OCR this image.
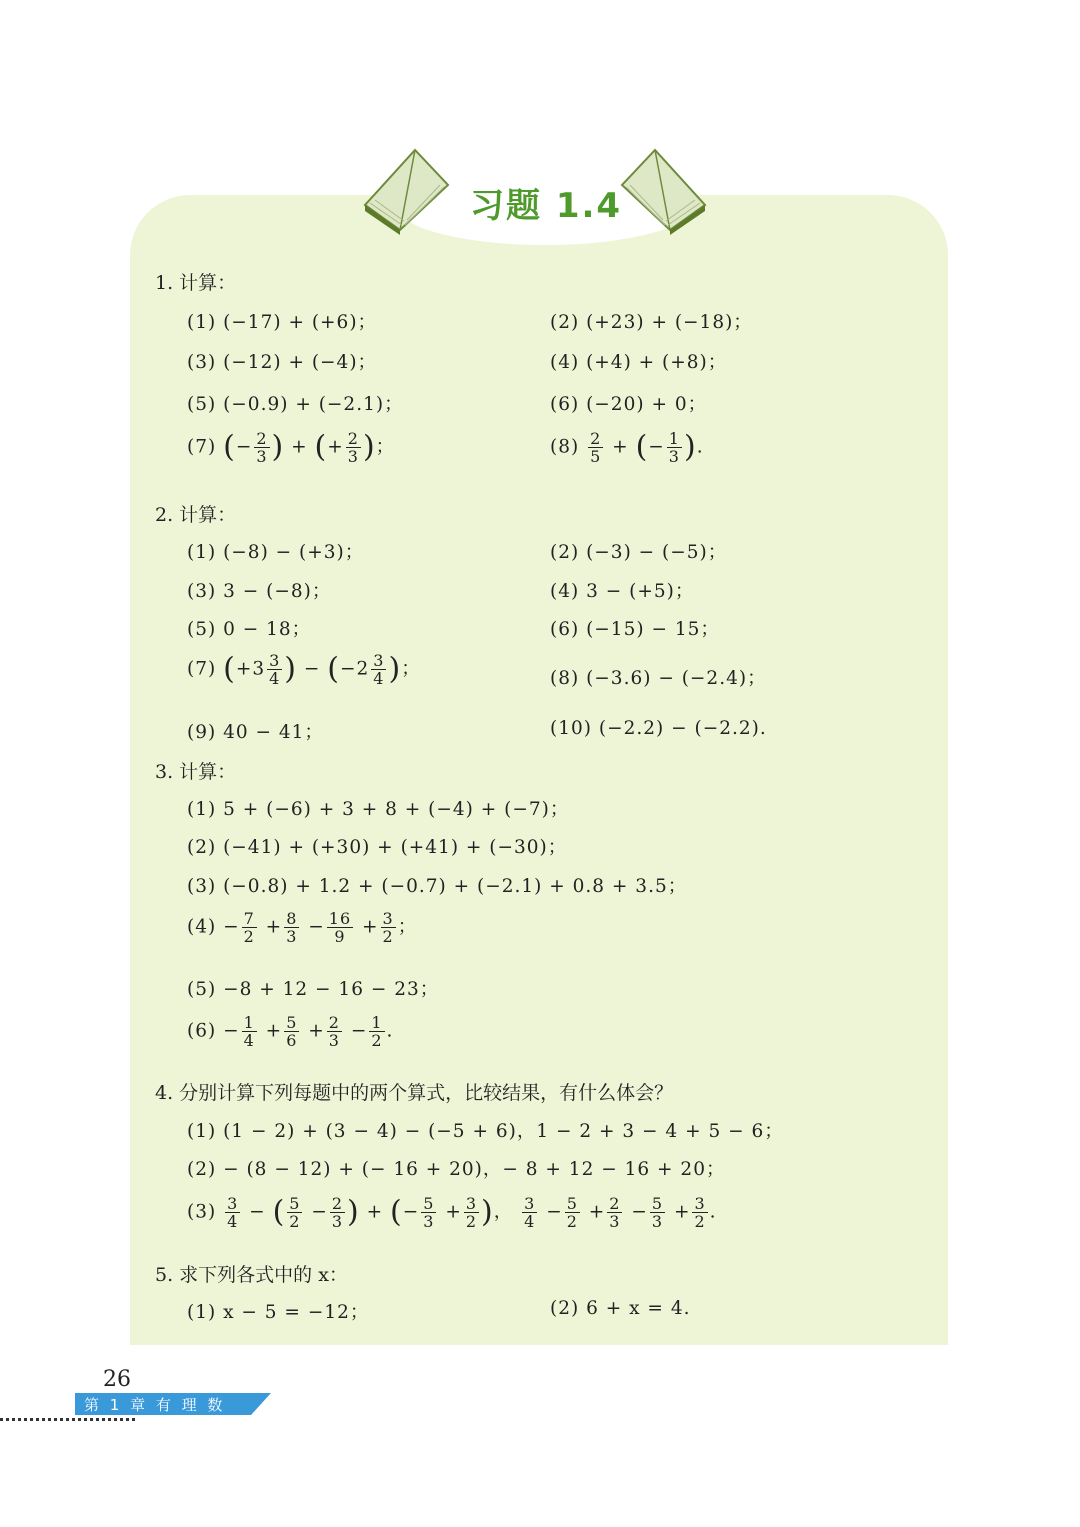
习题 1.4
1. 计算：
(1) (−17) + (+6)；	(2) (+23) + (−18)；
(3) (−12) + (−4)；	(4) (+4) + (+8)；
(5) (−0.9) + (−2.1)；	(6) (−20) + 0；
(7) (− $\frac{2}{3}$ ) + (+ $\frac{2}{3}$ )；	$(8) \frac{2}{5}$ + (− $\frac{1}{3}$ ).
2. 计算：
(1) (−8) − (+3)；	(2) (−3) − (−5)；
(3) 3 − (−8)；	(4) 3 − (+5)；
(5) 0 − 18；	(6) (−15) − 15；
(7) ($+3 \frac{3}{4}$ ) − ($-2 \frac{3}{4}$ )；	(8) (−3.6) − (−2.4)；
(9) 40 − 41；	(10) (−2.2) − (−2.2).
3. 计算：
(1) 5 + (−6) + 3 + 8 + (−4) + (−7)；
(2) (−41) + (+30) + (+41) + (−30)；
(3) (−0.8) + 1.2 + (−0.7) + (−2.1) + 0.8 + 3.5；
$(4) - \frac{7}{2} + \frac{8}{3} - \frac{16}{9} + \frac{3}{2}$ ；
(5) −8 + 12 − 16 − 23；
$(6) - \frac{1}{4} + \frac{5}{6} + \frac{2}{3} - \frac{1}{2}$ .
4. 分别计算下列每题中的两个算式，比较结果，有什么体会？
(1) (1 − 2) + (3 − 4) − (−5 + 6)，1 − 2 + 3 − 4 + 5 − 6；
(2) − (8 − 12) + (− 16 + 20)，− 8 + 12 − 16 + 20；
$(3) \frac{3}{4}$ − ( $\frac{5}{2} - \frac{2}{3}$ ) + (− $\frac{5}{3} + \frac{3}{2}$ )， $\frac{3}{4} - \frac{5}{2} + \frac{2}{3} - \frac{5}{3} + \frac{3}{2}$ .
5. 求下列各式中的 x：
(1) x − 5 = −12；	(2) 6 + x = 4.
26
第 1 章 有 理 数
